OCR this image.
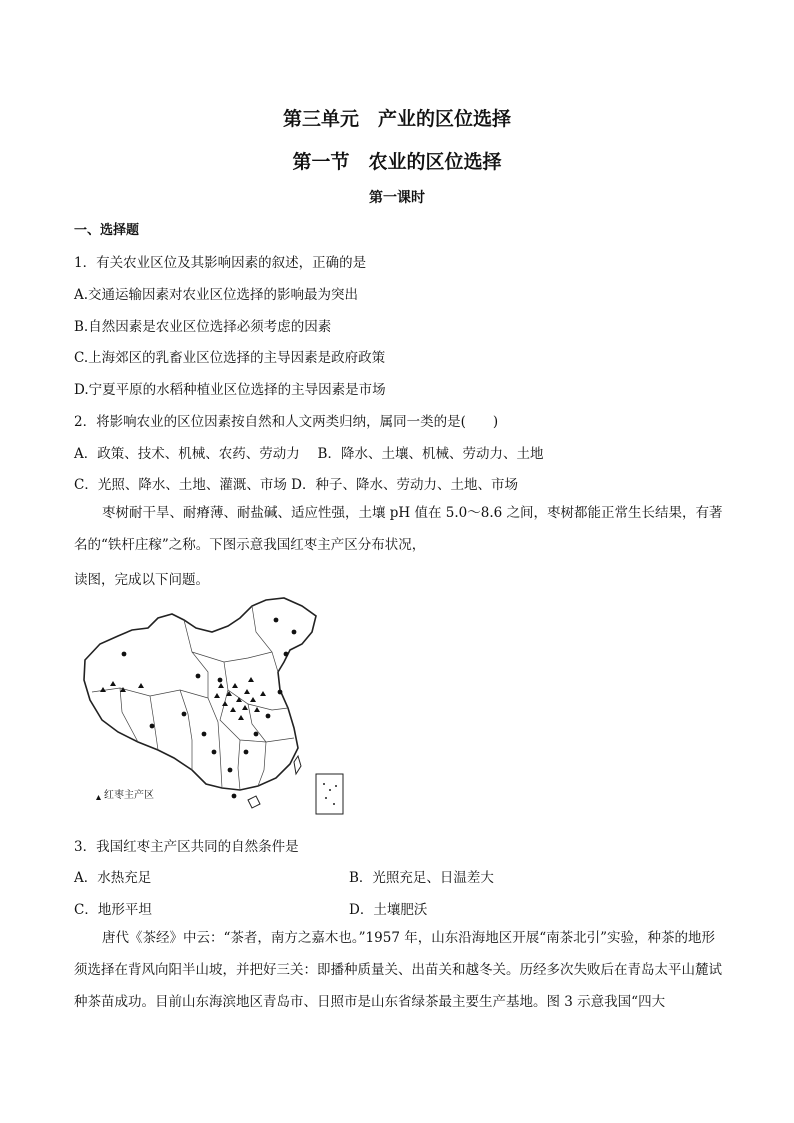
第三单元　产业的区位选择
第一节　农业的区位选择
第一课时
一、选择题
1．有关农业区位及其影响因素的叙述，正确的是
A.交通运输因素对农业区位选择的影响最为突出
B.自然因素是农业区位选择必须考虑的因素
C.上海郊区的乳畜业区位选择的主导因素是政府政策
D.宁夏平原的水稻种植业区位选择的主导因素是市场
2．将影响农业的区位因素按自然和人文两类归纳，属同一类的是(　　)
A．政策、技术、机械、农药、劳动力　 B．降水、土壤、机械、劳动力、土地
C．光照、降水、土地、灌溉、市场 D．种子、降水、劳动力、土地、市场
枣树耐干旱、耐瘠薄、耐盐碱、适应性强，土壤 pH 值在 5.0～8.6 之间，枣树都能正常生长结果，有著名的“铁杆庄稼”之称。下图示意我国红枣主产区分布状况，
读图，完成以下问题。
红枣主产区
3．我国红枣主产区共同的自然条件是
A．水热充足	B．光照充足、日温差大
C．地形平坦	D．土壤肥沃
唐代《茶经》中云：“茶者，南方之嘉木也。”1957 年，山东沿海地区开展“南茶北引”实验，种茶的地形须选择在背风向阳半山坡，并把好三关：即播种质量关、出苗关和越冬关。历经多次失败后在青岛太平山麓试种茶苗成功。目前山东海滨地区青岛市、日照市是山东省绿茶最主要生产基地。图 3 示意我国“四大
